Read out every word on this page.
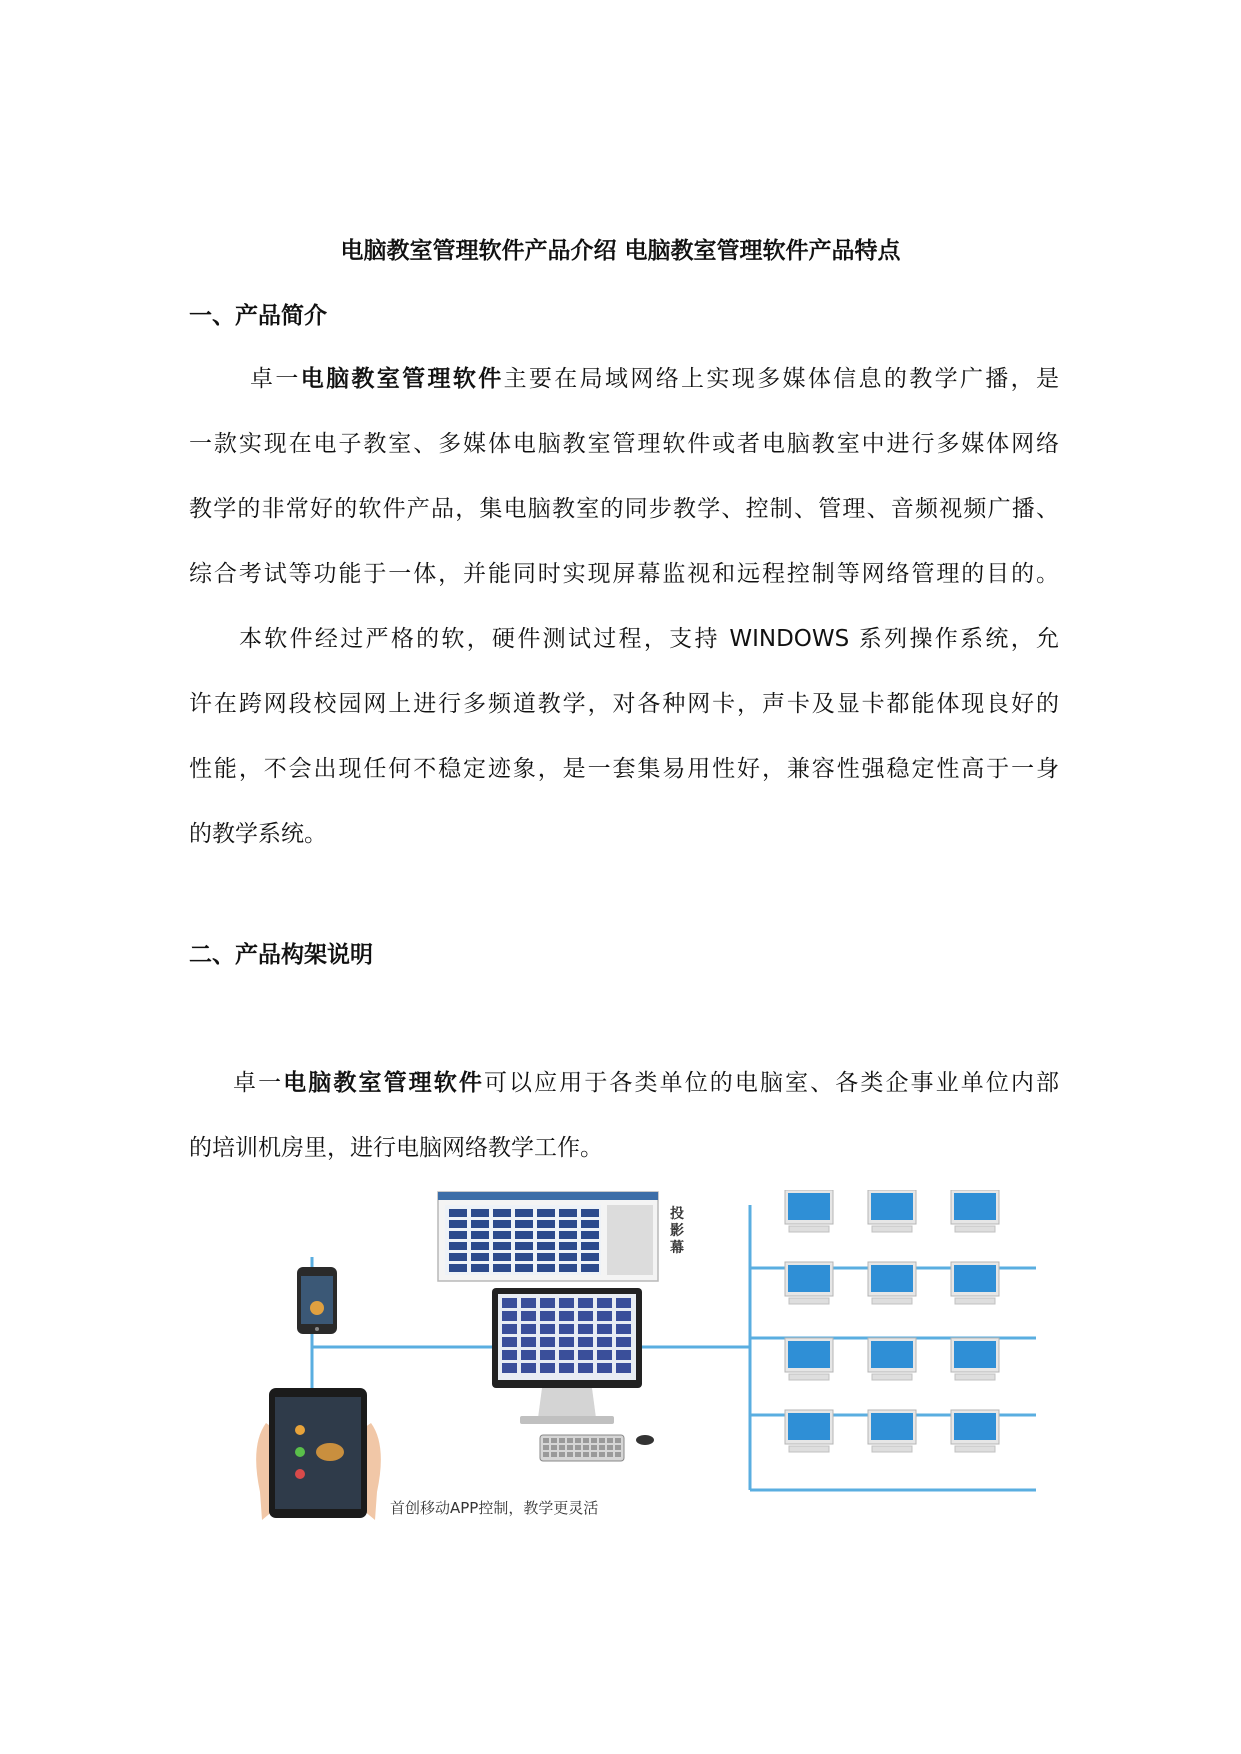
电脑教室管理软件产品介绍 电脑教室管理软件产品特点
一、产品简介
卓一电脑教室管理软件主要在局域网络上实现多媒体信息的教学广播，是
一款实现在电子教室、多媒体电脑教室管理软件或者电脑教室中进行多媒体网络
教学的非常好的软件产品，集电脑教室的同步教学、控制、管理、音频视频广播、
综合考试等功能于一体，并能同时实现屏幕监视和远程控制等网络管理的目的。
本软件经过严格的软，硬件测试过程，支持 WINDOWS 系列操作系统，允
许在跨网段校园网上进行多频道教学，对各种网卡，声卡及显卡都能体现良好的
性能，不会出现任何不稳定迹象，是一套集易用性好，兼容性强稳定性高于一身
的教学系统。
二、产品构架说明
卓一电脑教室管理软件可以应用于各类单位的电脑室、各类企事业单位内部
的培训机房里，进行电脑网络教学工作。
投
影
幕
首创移动APP控制，教学更灵活
